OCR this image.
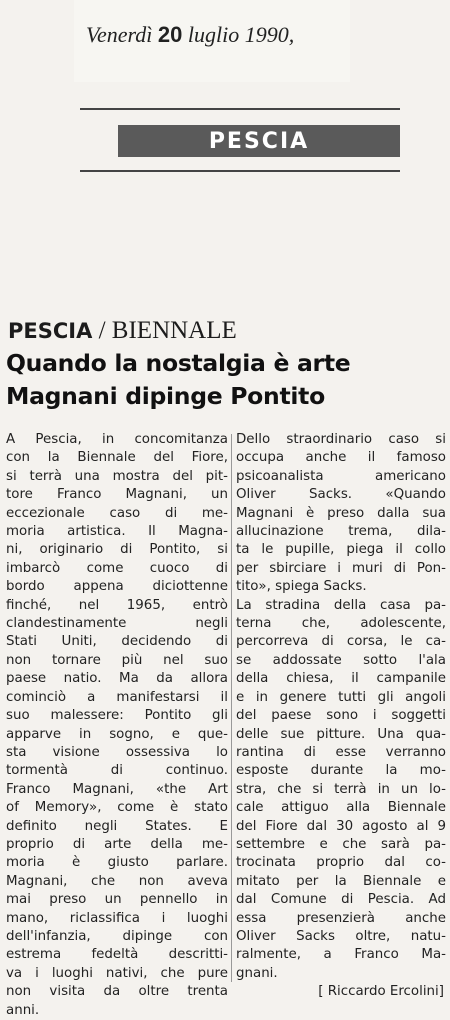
Venerdì 20 luglio 1990,
PESCIA
PESCIA / BIENNALE
Quando la nostalgia è arte
Magnani dipinge Pontito
A Pescia, in concomitanza
con la Biennale del Fiore,
si terrà una mostra del pit-
tore Franco Magnani, un
eccezionale caso di me-
moria artistica. Il Magna-
ni, originario di Pontito, si
imbarcò come cuoco di
bordo appena diciottenne
finché, nel 1965, entrò
clandestinamente negli
Stati Uniti, decidendo di
non tornare più nel suo
paese natio. Ma da allora
cominciò a manifestarsi il
suo malessere: Pontito gli
apparve in sogno, e que-
sta visione ossessiva lo
tormentà di continuo.
Franco Magnani, «the Art
of Memory», come è stato
definito negli States. E
proprio di arte della me-
moria è giusto parlare.
Magnani, che non aveva
mai preso un pennello in
mano, riclassifica i luoghi
dell'infanzia, dipinge con
estrema fedeltà descritti-
va i luoghi nativi, che pure
non visita da oltre trenta
anni.
Dello straordinario caso si
occupa anche il famoso
psicoanalista americano
Oliver Sacks. «Quando
Magnani è preso dalla sua
allucinazione trema, dila-
ta le pupille, piega il collo
per sbirciare i muri di Pon-
tito», spiega Sacks.
La stradina della casa pa-
terna che, adolescente,
percorreva di corsa, le ca-
se addossate sotto l'ala
della chiesa, il campanile
e in genere tutti gli angoli
del paese sono i soggetti
delle sue pitture. Una qua-
rantina di esse verranno
esposte durante la mo-
stra, che si terrà in un lo-
cale attiguo alla Biennale
del Fiore dal 30 agosto al 9
settembre e che sarà pa-
trocinata proprio dal co-
mitato per la Biennale e
dal Comune di Pescia. Ad
essa presenzierà anche
Oliver Sacks oltre, natu-
ralmente, a Franco Ma-
gnani.
[ Riccardo Ercolini]
